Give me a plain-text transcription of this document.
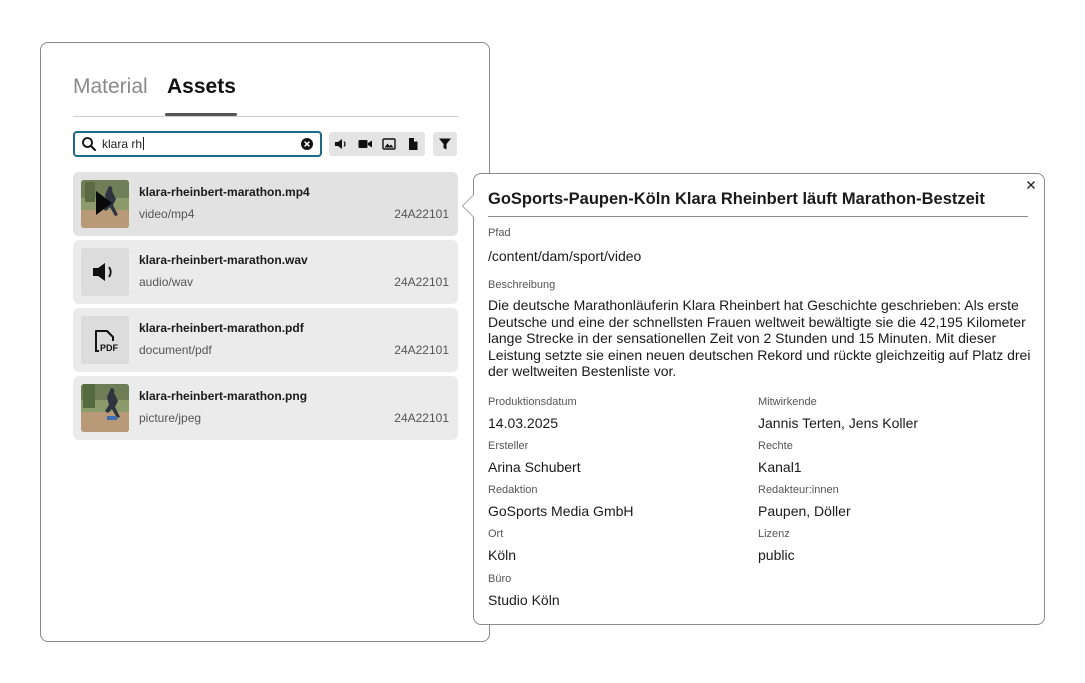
Material Assets
klara rh
klara-rheinbert-marathon.mp4
video/mp4	24A22101
klara-rheinbert-marathon.wav
audio/wav	24A22101
PDF
klara-rheinbert-marathon.pdf
document/pdf	24A22101
klara-rheinbert-marathon.png
picture/jpeg	24A22101
GoSports-Paupen-Köln Klara Rheinbert läuft Marathon-Bestzeit
Pfad
/content/dam/sport/video
Beschreibung
Die deutsche Marathonläuferin Klara Rheinbert hat Geschichte geschrieben: Als erste Deutsche und eine der schnellsten Frauen weltweit bewältigte sie die 42,195 Kilometer lange Strecke in der sensationellen Zeit von 2 Stunden und 15 Minuten. Mit dieser Leistung setzte sie einen neuen deutschen Rekord und rückte gleichzeitig auf Platz drei der weltweiten Bestenliste vor.
Produktionsdatum
14.03.2025
Mitwirkende
Jannis Terten, Jens Koller
Ersteller
Arina Schubert
Rechte
Kanal1
Redaktion
GoSports Media GmbH
Redakteur:innen
Paupen, Döller
Ort
Köln
Lizenz
public
Büro
Studio Köln
